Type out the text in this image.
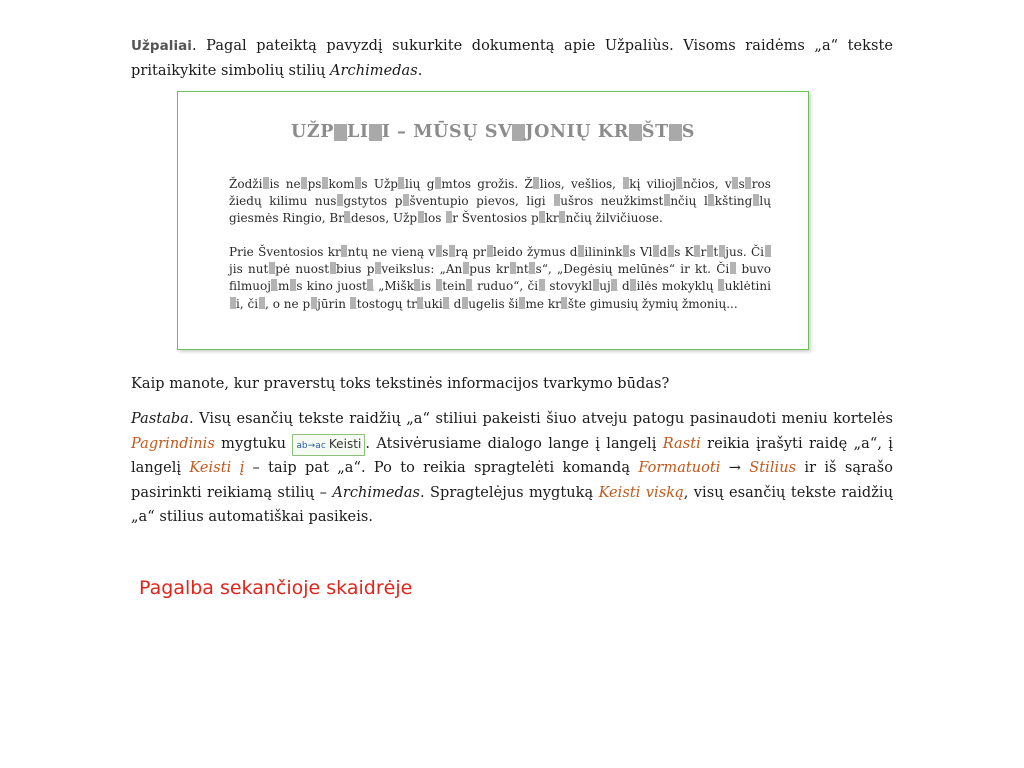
Užpaliai. Pagal pateiktą pavyzdį sukurkite dokumentą apie Užpaliùs. Visoms raidėms „a“ tekste pritaikykite simbolių stilių Archimedas.

UŽPALIAI – MŪSŲ SVAJONIŲ KRAŠTAS

Žodžiais neapsakomas Užpalių gamtos grožis. Žalios, vešlios, akį viliojančios, vasaros žiedų kilimu nusagstytos pašventupio pievos, ligi aušros neužkimstančių lakštingalų giesmės Ringio, Bradesos, Užpalos ar Šventosios pakrančių žilvičiuose.

Prie Šventosios krantų ne vieną vasarą praleido žymus dailininkas Vladas Karatajus. Čia jis nutapė nuostabius paveikslus: „Anapus krantas“, „Degėsių melūnės“ ir kt. Čia buvo flmuojamas kino juosta „Miškais ateina ruduo“, čia stovyklauja dailės mokyklų auklėtiniai, čia, o ne pajūrin atostogų traukia daugelis šiame krašte gimusių žymių žmonių...

Kaip manote, kur praverstų toks tekstinės informacijos tvarkymo būdas?

Pastaba. Visų esančių tekste raidžių „a“ stiliui pakeisti šiuo atveju patogu pasinaudoti meniu kortelės Pagrindinis mygtuku ab→ac Keisti . Atsivėrusiame dialogo lange į langelį Rasti reikia įrašyti raidę „a“, į langelį Keisti į – taip pat „a“. Po to reikia spragtelėti komandą Formatuoti → Stilius ir iš sąrašo pasirinkti reikiamą stilių – Archimedas. Spragtelėjus mygtuką Keisti viską, visų esančių tekste raidžių „a“ stilius automatiškai pasikeis.

Pagalba sekančioje skaidrėje
